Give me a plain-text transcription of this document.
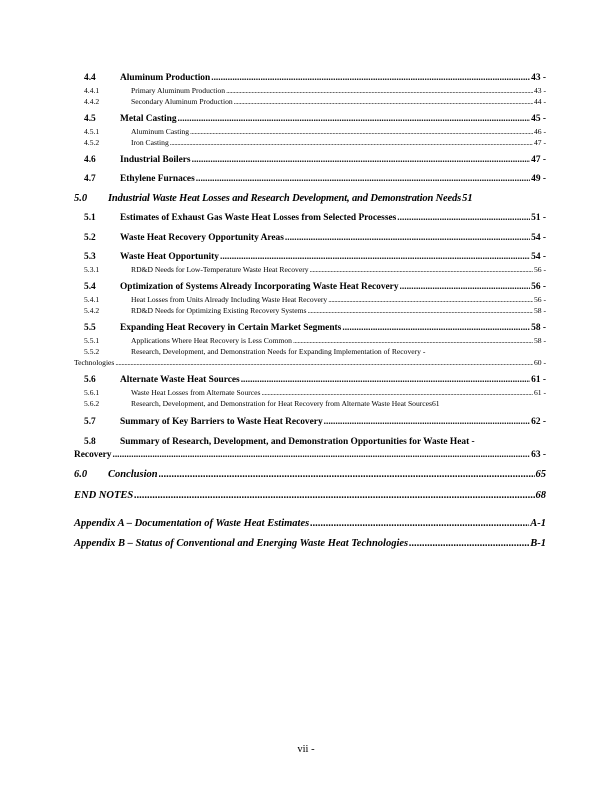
4.4	Aluminum Production .....	43 -
4.4.1	Primary Aluminum Production .....	43 -
4.4.2	Secondary Aluminum Production .....	44 -
4.5	Metal Casting .....	45 -
4.5.1	Aluminum Casting .....	46 -
4.5.2	Iron Casting .....	47 -
4.6	Industrial Boilers .....	47 -
4.7	Ethylene Furnaces .....	49 -
5.0	Industrial Waste Heat Losses and Research Development, and Demonstration Needs 51
5.1	Estimates of Exhaust Gas Waste Heat Losses from Selected Processes .....	51 -
5.2	Waste Heat Recovery Opportunity Areas .....	54 -
5.3	Waste Heat Opportunity .....	54 -
5.3.1	RD&D Needs for Low-Temperature Waste Heat Recovery .....	56 -
5.4	Optimization of Systems Already Incorporating Waste Heat Recovery .....	56 -
5.4.1	Heat Losses from Units Already Including Waste Heat Recovery .....	56 -
5.4.2	RD&D Needs for Optimizing Existing Recovery Systems .....	58 -
5.5	Expanding Heat Recovery in Certain Market Segments .....	58 -
5.5.1	Applications Where Heat Recovery is Less Common .....	58 -
5.5.2	Research, Development, and Demonstration Needs for Expanding Implementation of Recovery -
Technologies .....	60 -
5.6	Alternate Waste Heat Sources .....	61 -
5.6.1	Waste Heat Losses from Alternate Sources .....	61 -
5.6.2	Research, Development, and Demonstration for Heat Recovery from Alternate Waste Heat Sources 61
5.7	Summary of Key Barriers to Waste Heat Recovery .....	62 -
5.8	Summary of Research, Development, and Demonstration Opportunities for Waste Heat -
Recovery .....	63 -
6.0	Conclusion .....	65
END NOTES .....	68
Appendix A – Documentation of Waste Heat Estimates .....	A-1
Appendix B – Status of Conventional and Energing Waste Heat Technologies .....	B-1
vii -
